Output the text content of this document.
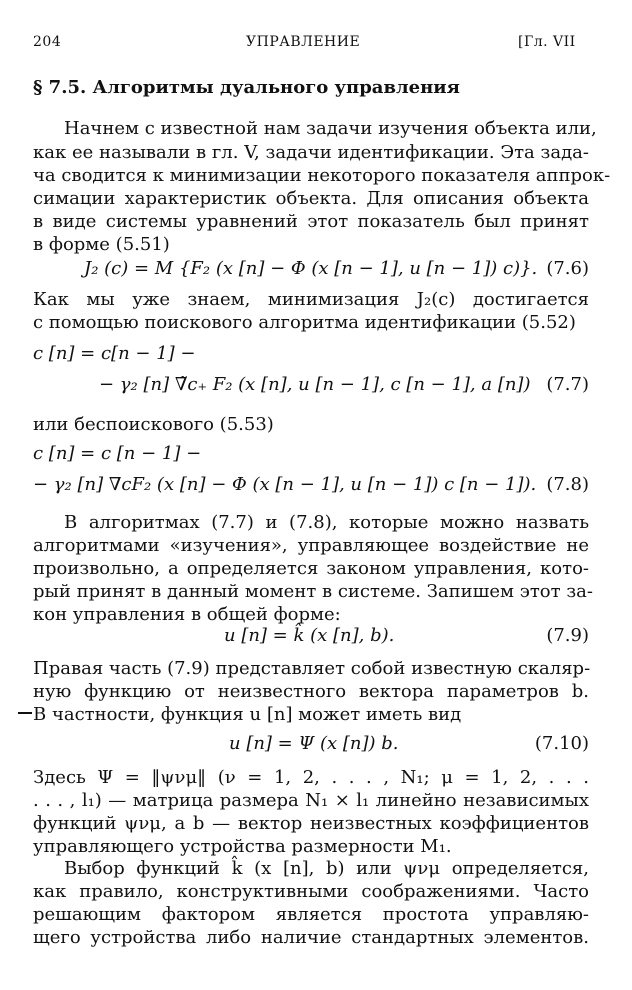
204	УПРАВЛЕНИЕ	[Гл. VII
§ 7.5. Алгоритмы дуального управления
Начнем с известной нам задачи изучения объекта или,
как ее называли в гл. V, задачи идентификации. Эта зада-
ча сводится к минимизации некоторого показателя аппрок-
симации характеристик объекта. Для описания объекта
в виде системы уравнений этот показатель был принят
в форме (5.51)
J₂ (c) = M {F₂ (x [n] − Φ (x [n − 1], u [n − 1]) c)}. (7.6)
Как мы уже знаем, минимизация J₂(c) достигается
с помощью поискового алгоритма идентификации (5.52)
c [n] = c[n − 1] −
− γ₂ [n] ∇̃c₊ F₂ (x [n], u [n − 1], c [n − 1], a [n]) (7.7)
или беспоискового (5.53)
c [n] = c [n − 1] −
− γ₂ [n] ∇cF₂ (x [n] − Φ (x [n − 1], u [n − 1]) c [n − 1]). (7.8)
В алгоритмах (7.7) и (7.8), которые можно назвать
алгоритмами «изучения», управляющее воздействие не
произвольно, а определяется законом управления, кото-
рый принят в данный момент в системе. Запишем этот за-
кон управления в общей форме:
u [n] = k̂ (x [n], b).	(7.9)
Правая часть (7.9) представляет собой известную скаляр-
ную функцию от неизвестного вектора параметров b.
В частности, функция u [n] может иметь вид
u [n] = Ψ (x [n]) b.	(7.10)
Здесь Ψ = ‖ψνμ‖ (ν = 1, 2, . . . , N₁; μ = 1, 2, . . .
. . . , l₁) — матрица размера N₁ × l₁ линейно независимых
функций ψνμ, а b — вектор неизвестных коэффициентов
управляющего устройства размерности M₁.
Выбор функций k̂ (x [n], b) или ψνμ определяется,
как правило, конструктивными соображениями. Часто
решающим фактором является простота управляю-
щего устройства либо наличие стандартных элементов.
